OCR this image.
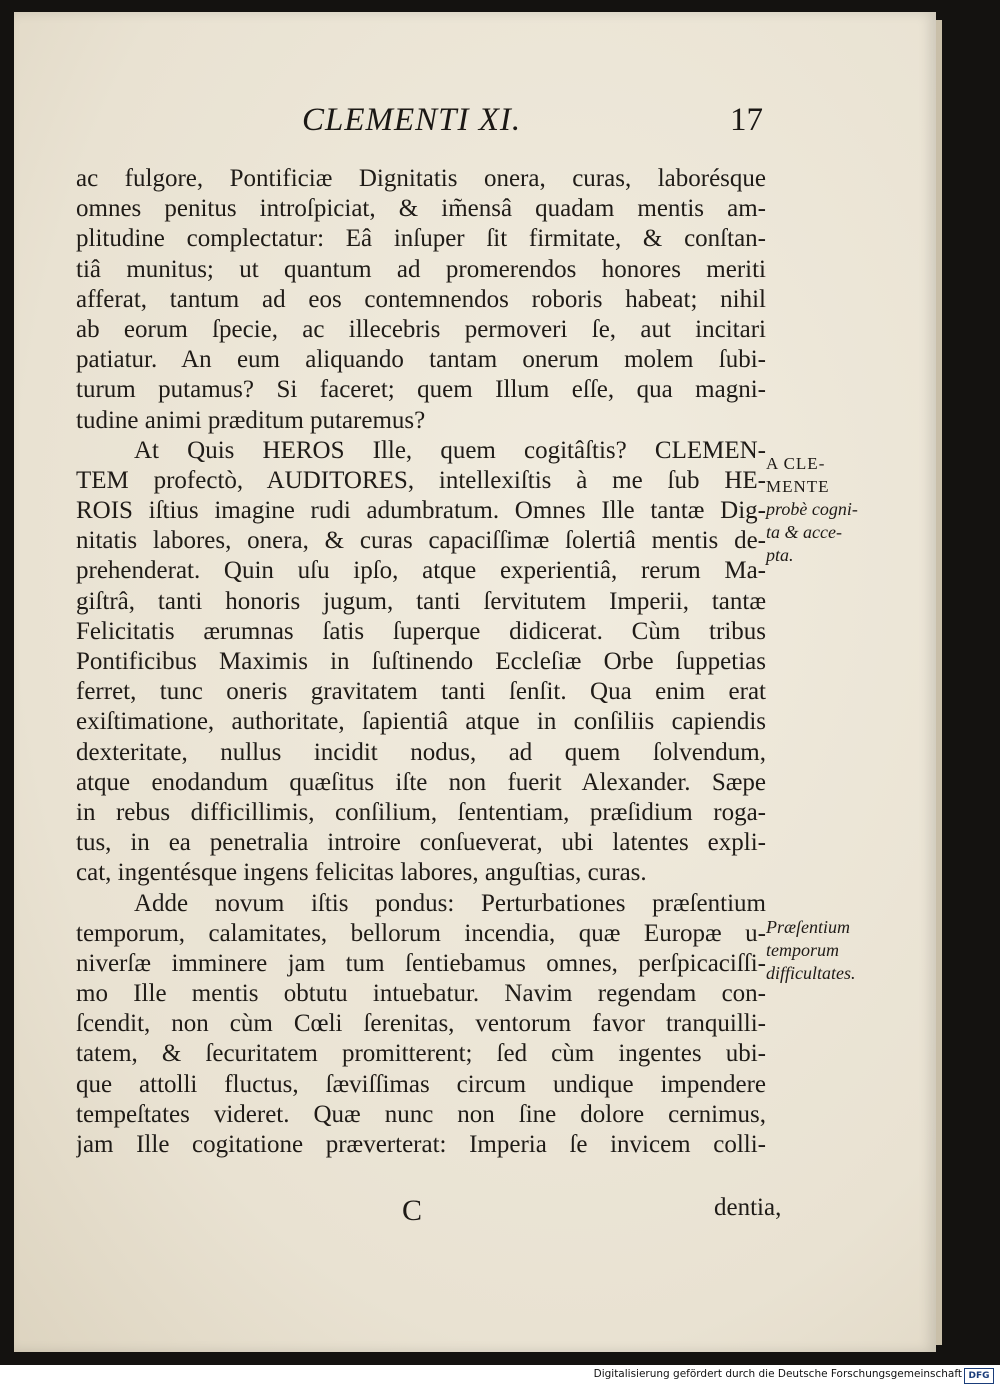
CLEMENTI XI.	17
ac fulgore, Pontificiæ Dignitatis onera, curas, laborésque
omnes penitus introſpiciat, & im̃ensâ quadam mentis am-
plitudine complectatur: Eâ inſuper ſit firmitate, & conſtan-
tiâ munitus; ut quantum ad promerendos honores meriti
afferat, tantum ad eos contemnendos roboris habeat; nihil
ab eorum ſpecie, ac illecebris permoveri ſe, aut incitari
patiatur. An eum aliquando tantam onerum molem ſubi-
turum putamus? Si faceret; quem Illum eſſe, qua magni-
tudine animi præditum putaremus?
At Quis HEROS Ille, quem cogitâſtis? CLEMEN-
TEM profectò, AUDITORES, intellexiſtis à me ſub HE-
ROIS iſtius imagine rudi adumbratum. Omnes Ille tantæ Dig-
nitatis labores, onera, & curas capaciſſimæ ſolertiâ mentis de-
prehenderat. Quin uſu ipſo, atque experientiâ, rerum Ma-
giſtrâ, tanti honoris jugum, tanti ſervitutem Imperii, tantæ
Felicitatis ærumnas ſatis ſuperque didicerat. Cùm tribus
Pontificibus Maximis in ſuſtinendo Eccleſiæ Orbe ſuppetias
ferret, tunc oneris gravitatem tanti ſenſit. Qua enim erat
exiſtimatione, authoritate, ſapientiâ atque in conſiliis capiendis
dexteritate, nullus incidit nodus, ad quem ſolvendum,
atque enodandum quæſitus iſte non fuerit Alexander. Sæpe
in rebus difficillimis, conſilium, ſententiam, præſidium roga-
tus, in ea penetralia introire conſueverat, ubi latentes expli-
cat, ingentésque ingens felicitas labores, anguſtias, curas.
Adde novum iſtis pondus: Perturbationes præſentium
temporum, calamitates, bellorum incendia, quæ Europæ u-
niverſæ imminere jam tum ſentiebamus omnes, perſpicaciſſi-
mo Ille mentis obtutu intuebatur. Navim regendam con-
ſcendit, non cùm Cœli ſerenitas, ventorum favor tranquilli-
tatem, & ſecuritatem promitterent; ſed cùm ingentes ubi-
que attolli fluctus, ſæviſſimas circum undique impendere
tempeſtates videret. Quæ nunc non ſine dolore cernimus,
jam Ille cogitatione præverterat: Imperia ſe invicem colli-
A CLE-
MENTE
probè cogni-
ta & acce-
pta.
Præſentium
temporum
difficultates.
C	dentia,
Digitalisierung gefördert durch die Deutsche Forschungsgemeinschaft DFG
